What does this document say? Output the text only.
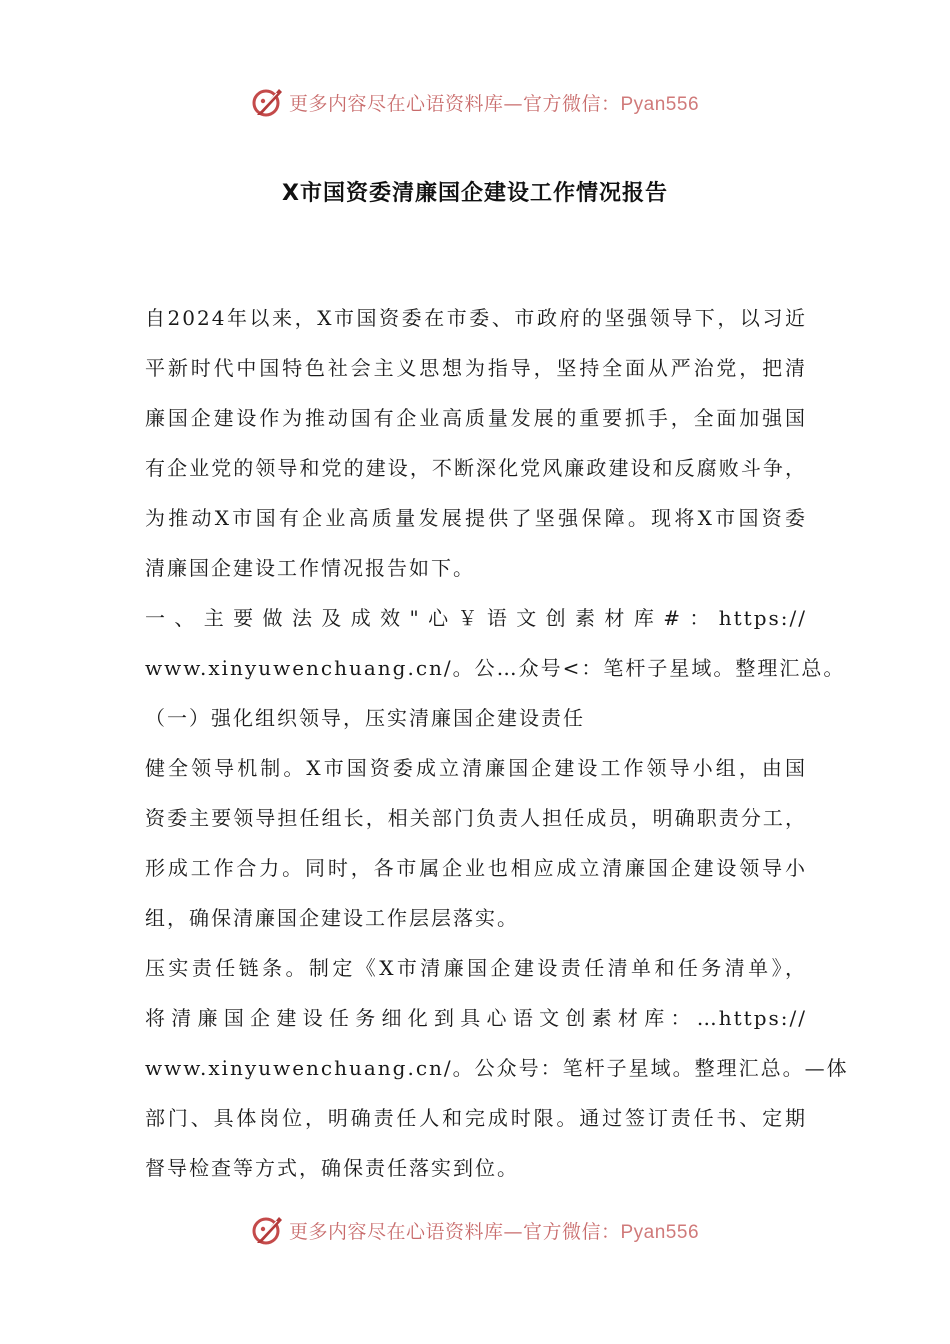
更多内容尽在心语资料库—官方微信：Pyan556
X市国资委清廉国企建设工作情况报告

自2024年以来，X市国资委在市委、市政府的坚强领导下，以习近
平新时代中国特色社会主义思想为指导，坚持全面从严治党，把清
廉国企建设作为推动国有企业高质量发展的重要抓手，全面加强国
有企业党的领导和党的建设，不断深化党风廉政建设和反腐败斗争，
为推动X市国有企业高质量发展提供了坚强保障。现将X市国资委
清廉国企建设工作情况报告如下。

一、主要做法及成效"心￥语文创素材库#：https://
www.xinyuwenchuang.cn/。公…众号<：笔杆子星域。整理汇总。

（一）强化组织领导，压实清廉国企建设责任

健全领导机制。X市国资委成立清廉国企建设工作领导小组，由国
资委主要领导担任组长，相关部门负责人担任成员，明确职责分工，
形成工作合力。同时，各市属企业也相应成立清廉国企建设领导小
组，确保清廉国企建设工作层层落实。

压实责任链条。制定《X市清廉国企建设责任清单和任务清单》，
将清廉国企建设任务细化到具心语文创素材库：…https://
www.xinyuwenchuang.cn/。公众号：笔杆子星域。整理汇总。—体
部门、具体岗位，明确责任人和完成时限。通过签订责任书、定期
督导检查等方式，确保责任落实到位。

更多内容尽在心语资料库—官方微信：Pyan556
